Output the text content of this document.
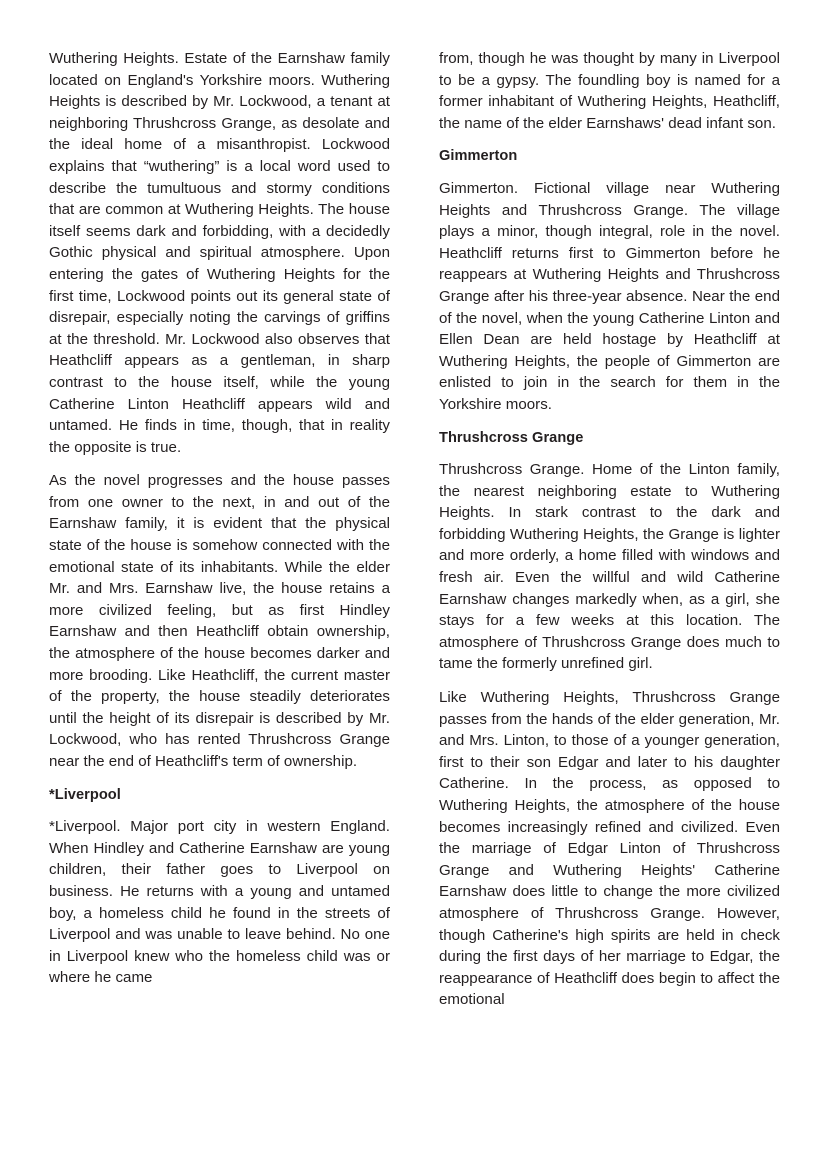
Wuthering Heights. Estate of the Earnshaw family located on England's Yorkshire moors. Wuthering Heights is described by Mr. Lockwood, a tenant at neighboring Thrushcross Grange, as desolate and the ideal home of a misanthropist. Lockwood explains that “wuthering” is a local word used to describe the tumultuous and stormy conditions that are common at Wuthering Heights. The house itself seems dark and forbidding, with a decidedly Gothic physical and spiritual atmosphere. Upon entering the gates of Wuthering Heights for the first time, Lockwood points out its general state of disrepair, especially noting the carvings of griffins at the threshold. Mr. Lockwood also observes that Heathcliff appears as a gentleman, in sharp contrast to the house itself, while the young Catherine Linton Heathcliff appears wild and untamed. He finds in time, though, that in reality the opposite is true.

As the novel progresses and the house passes from one owner to the next, in and out of the Earnshaw family, it is evident that the physical state of the house is somehow connected with the emotional state of its inhabitants. While the elder Mr. and Mrs. Earnshaw live, the house retains a more civilized feeling, but as first Hindley Earnshaw and then Heathcliff obtain ownership, the atmosphere of the house becomes darker and more brooding. Like Heathcliff, the current master of the property, the house steadily deteriorates until the height of its disrepair is described by Mr. Lockwood, who has rented Thrushcross Grange near the end of Heathcliff's term of ownership.

*Liverpool

*Liverpool. Major port city in western England. When Hindley and Catherine Earnshaw are young children, their father goes to Liverpool on business. He returns with a young and untamed boy, a homeless child he found in the streets of Liverpool and was unable to leave behind. No one in Liverpool knew who the homeless child was or where he came

from, though he was thought by many in Liverpool to be a gypsy. The foundling boy is named for a former inhabitant of Wuthering Heights, Heathcliff, the name of the elder Earnshaws' dead infant son.

Gimmerton

Gimmerton. Fictional village near Wuthering Heights and Thrushcross Grange. The village plays a minor, though integral, role in the novel. Heathcliff returns first to Gimmerton before he reappears at Wuthering Heights and Thrushcross Grange after his three-year absence. Near the end of the novel, when the young Catherine Linton and Ellen Dean are held hostage by Heathcliff at Wuthering Heights, the people of Gimmerton are enlisted to join in the search for them in the Yorkshire moors.

Thrushcross Grange

Thrushcross Grange. Home of the Linton family, the nearest neighboring estate to Wuthering Heights. In stark contrast to the dark and forbidding Wuthering Heights, the Grange is lighter and more orderly, a home filled with windows and fresh air. Even the willful and wild Catherine Earnshaw changes markedly when, as a girl, she stays for a few weeks at this location. The atmosphere of Thrushcross Grange does much to tame the formerly unrefined girl.

Like Wuthering Heights, Thrushcross Grange passes from the hands of the elder generation, Mr. and Mrs. Linton, to those of a younger generation, first to their son Edgar and later to his daughter Catherine. In the process, as opposed to Wuthering Heights, the atmosphere of the house becomes increasingly refined and civilized. Even the marriage of Edgar Linton of Thrushcross Grange and Wuthering Heights' Catherine Earnshaw does little to change the more civilized atmosphere of Thrushcross Grange. However, though Catherine's high spirits are held in check during the first days of her marriage to Edgar, the reappearance of Heathcliff does begin to affect the emotional
